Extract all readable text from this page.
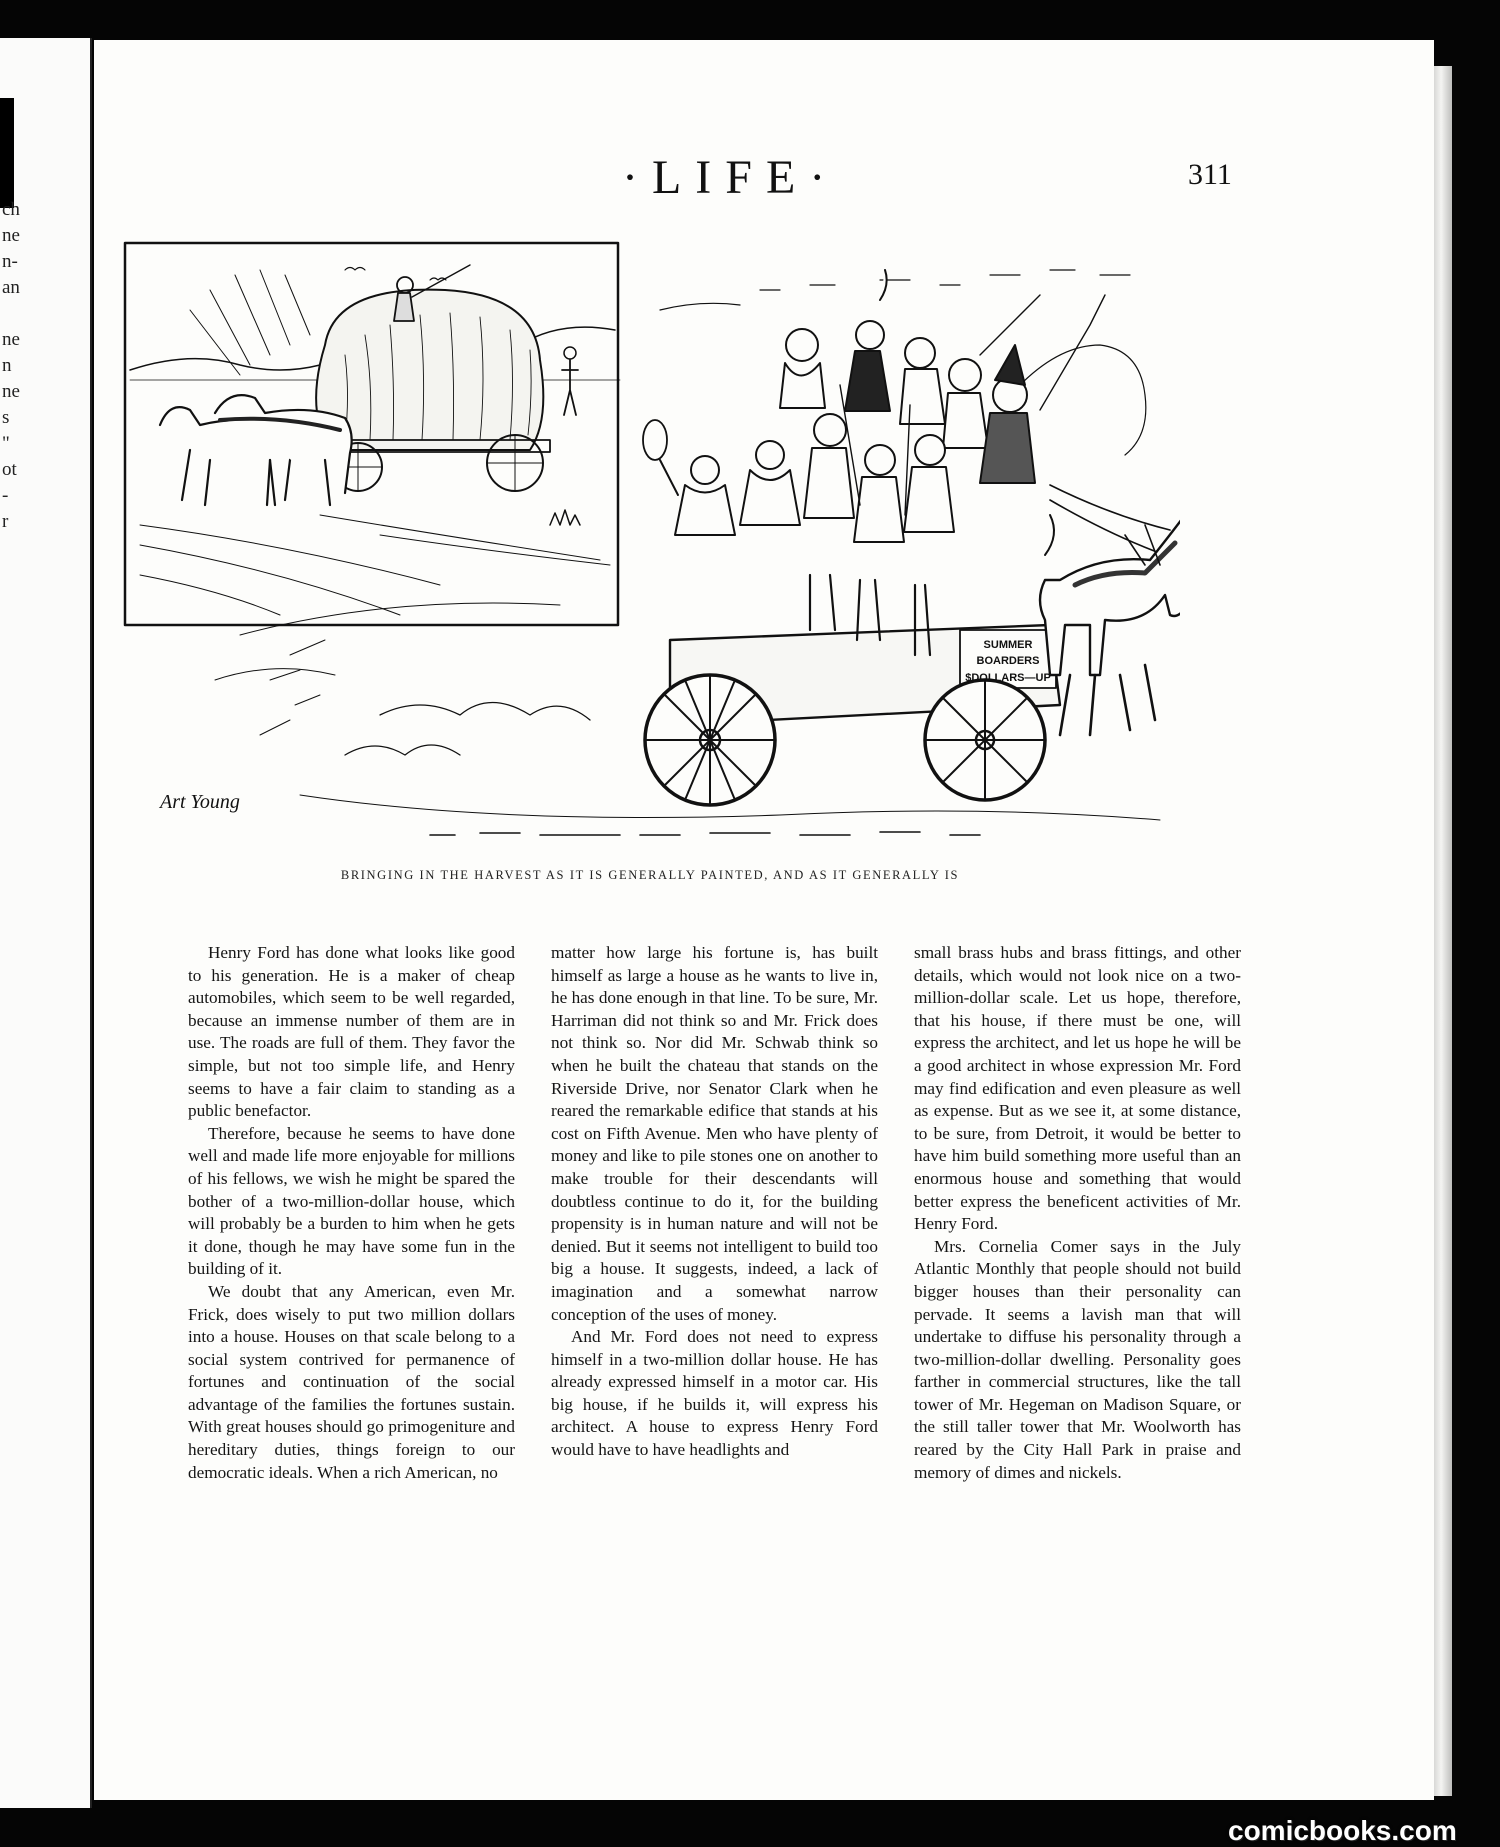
ch
ne
n-
an
ne
n
ne
s
"
ot
-
r
·LIFE·	311
Art Young
SUMMER
BOARDERS
$DOLLARS—UP
BRINGING IN THE HARVEST AS IT IS GENERALLY PAINTED, AND AS IT GENERALLY IS

Henry Ford has done what looks like good to his generation. He is a maker of cheap automobiles, which seem to be well regarded, because an immense number of them are in use. The roads are full of them. They favor the simple, but not too simple life, and Henry seems to have a fair claim to standing as a public benefactor.

Therefore, because he seems to have done well and made life more enjoyable for millions of his fellows, we wish he might be spared the bother of a two-million-dollar house, which will probably be a burden to him when he gets it done, though he may have some fun in the building of it.

We doubt that any American, even Mr. Frick, does wisely to put two million dollars into a house. Houses on that scale belong to a social system contrived for permanence of fortunes and continuation of the social advantage of the families the fortunes sustain. With great houses should go primogeniture and hereditary duties, things foreign to our democratic ideals. When a rich American, no

matter how large his fortune is, has built himself as large a house as he wants to live in, he has done enough in that line. To be sure, Mr. Harriman did not think so and Mr. Frick does not think so. Nor did Mr. Schwab think so when he built the chateau that stands on the Riverside Drive, nor Senator Clark when he reared the remarkable edifice that stands at his cost on Fifth Avenue. Men who have plenty of money and like to pile stones one on another to make trouble for their descendants will doubtless continue to do it, for the building propensity is in human nature and will not be denied. But it seems not intelligent to build too big a house. It suggests, indeed, a lack of imagination and a somewhat narrow conception of the uses of money.

And Mr. Ford does not need to express himself in a two-million dollar house. He has already expressed himself in a motor car. His big house, if he builds it, will express his architect. A house to express Henry Ford would have to have headlights and

small brass hubs and brass fittings, and other details, which would not look nice on a two-million-dollar scale. Let us hope, therefore, that his house, if there must be one, will express the architect, and let us hope he will be a good architect in whose expression Mr. Ford may find edification and even pleasure as well as expense. But as we see it, at some distance, to be sure, from Detroit, it would be better to have him build something more useful than an enormous house and something that would better express the beneficent activities of Mr. Henry Ford.

Mrs. Cornelia Comer says in the July Atlantic Monthly that people should not build bigger houses than their personality can pervade. It seems a lavish man that will undertake to diffuse his personality through a two-million-dollar dwelling. Personality goes farther in commercial structures, like the tall tower of Mr. Hegeman on Madison Square, or the still taller tower that Mr. Woolworth has reared by the City Hall Park in praise and memory of dimes and nickels.

comicbooks.com
